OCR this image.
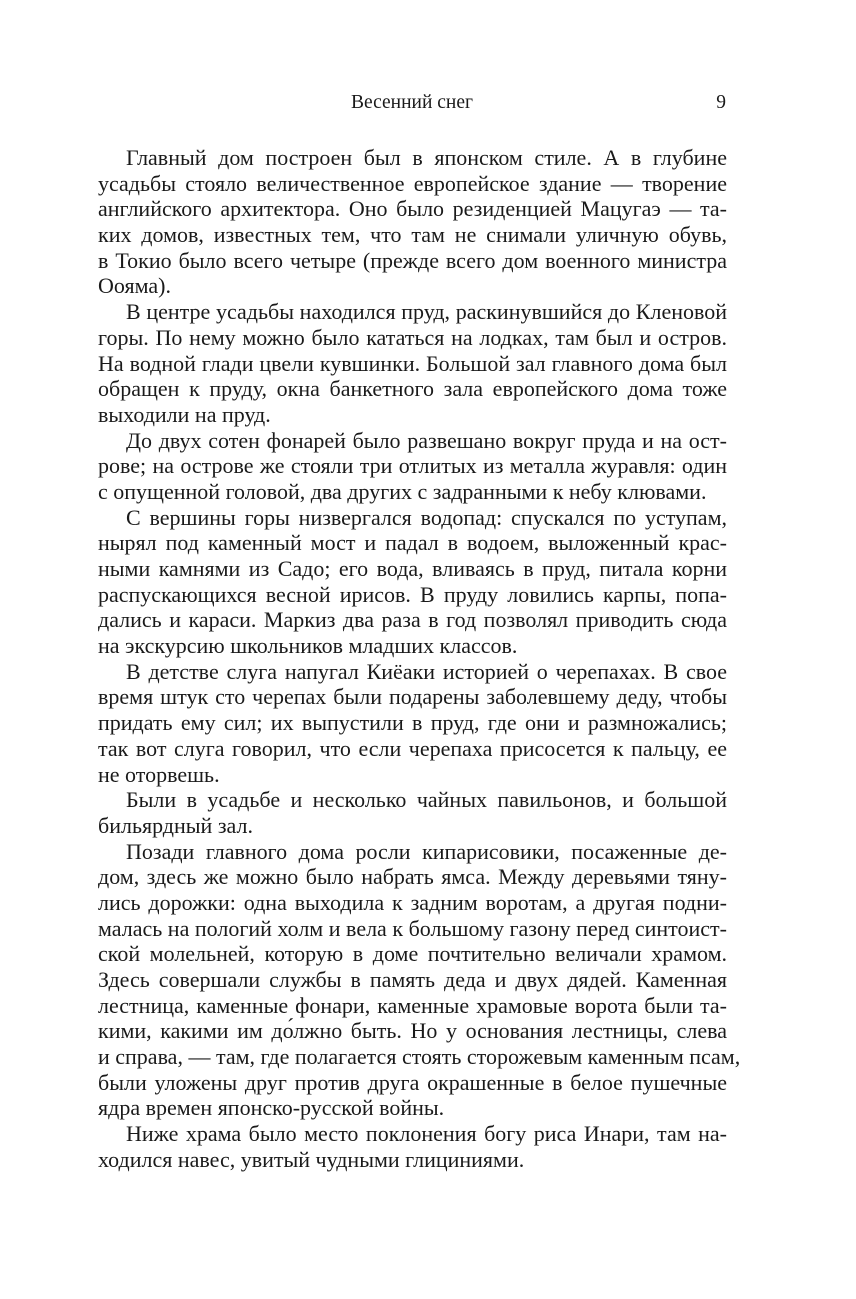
Весенний снег	9
Главный дом построен был в японском стиле. А в глубине
усадьбы стояло величественное европейское здание — творение
английского архитектора. Оно было резиденцией Мацугаэ — та-
ких домов, известных тем, что там не снимали уличную обувь,
в Токио было всего четыре (прежде всего дом военного министра
Оояма).
В центре усадьбы находился пруд, раскинувшийся до Кленовой
горы. По нему можно было кататься на лодках, там был и остров.
На водной глади цвели кувшинки. Большой зал главного дома был
обращен к пруду, окна банкетного зала европейского дома тоже
выходили на пруд.
До двух сотен фонарей было развешано вокруг пруда и на ост-
рове; на острове же стояли три отлитых из металла журавля: один
с опущенной головой, два других с задранными к небу клювами.
С вершины горы низвергался водопад: спускался по уступам,
нырял под каменный мост и падал в водоем, выложенный крас-
ными камнями из Садо; его вода, вливаясь в пруд, питала корни
распускающихся весной ирисов. В пруду ловились карпы, попа-
дались и караси. Маркиз два раза в год позволял приводить сюда
на экскурсию школьников младших классов.
В детстве слуга напугал Киёаки историей о черепахах. В свое
время штук сто черепах были подарены заболевшему деду, чтобы
придать ему сил; их выпустили в пруд, где они и размножались;
так вот слуга говорил, что если черепаха присосется к пальцу, ее
не оторвешь.
Были в усадьбе и несколько чайных павильонов, и большой
бильярдный зал.
Позади главного дома росли кипарисовики, посаженные де-
дом, здесь же можно было набрать ямса. Между деревьями тяну-
лись дорожки: одна выходила к задним воротам, а другая подни-
малась на пологий холм и вела к большому газону перед синтоист-
ской молельней, которую в доме почтительно величали храмом.
Здесь совершали службы в память деда и двух дядей. Каменная
лестница, каменные фонари, каменные храмовые ворота были та-
кими, какими им до́лжно быть. Но у основания лестницы, слева
и справа, — там, где полагается стоять сторожевым каменным псам,
были уложены друг против друга окрашенные в белое пушечные
ядра времен японско-русской войны.
Ниже храма было место поклонения богу риса Инари, там на-
ходился навес, увитый чудными глициниями.
